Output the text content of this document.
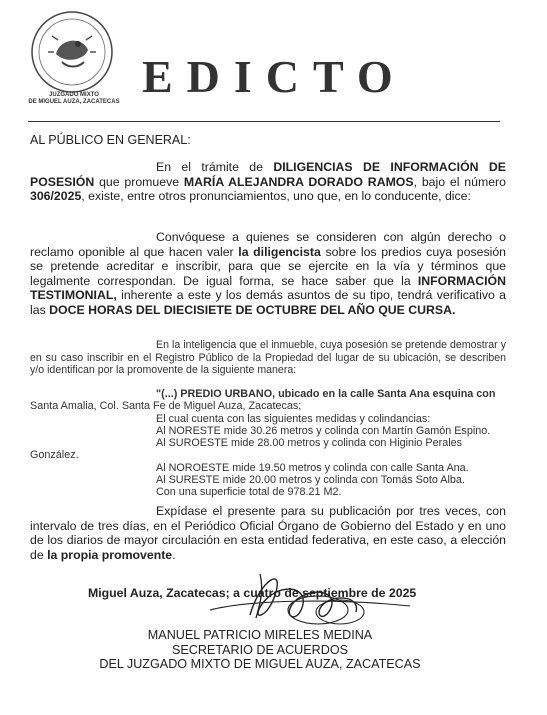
JUZGADO MIXTO
DE MIGUEL AUZA, ZACATECAS EDICTO
AL PÚBLICO EN GENERAL:
En el trámite de DILIGENCIAS DE INFORMACIÓN DE POSESIÓN que promueve MARÍA ALEJANDRA DORADO RAMOS, bajo el número 306/2025, existe, entre otros pronunciamientos, uno que, en lo conducente, dice:
Convóquese a quienes se consideren con algún derecho o reclamo oponible al que hacen valer la diligencista sobre los predios cuya posesión se pretende acreditar e inscribir, para que se ejercite en la vía y términos que legalmente correspondan. De igual forma, se hace saber que la INFORMACIÓN TESTIMONIAL, inherente a este y los demás asuntos de su tipo, tendrá verificativo a las DOCE HORAS DEL DIECISIETE DE OCTUBRE DEL AÑO QUE CURSA.
En la inteligencia que el inmueble, cuya posesión se pretende demostrar y en su caso inscribir en el Registro Público de la Propiedad del lugar de su ubicación, se describen y/o identifican por la promovente de la siguiente manera:
"(...) PREDIO URBANO, ubicado en la calle Santa Ana esquina con
Santa Amalia, Col. Santa Fe de Miguel Auza, Zacatecas;
El cual cuenta con las siguientes medidas y colindancias:
Al NORESTE mide 30.26 metros y colinda con Martín Gamón Espino.
Al SUROESTE mide 28.00 metros y colinda con Higinio Perales
González.
Al NOROESTE mide 19.50 metros y colinda con calle Santa Ana.
Al SURESTE mide 20.00 metros y colinda con Tomás Soto Alba.
Con una superficie total de 978.21 M2.
Expídase el presente para su publicación por tres veces, con intervalo de tres días, en el Periódico Oficial Órgano de Gobierno del Estado y en uno de los diarios de mayor circulación en esta entidad federativa, en este caso, a elección de la propia promovente.
Miguel Auza, Zacatecas; a cuatro de septiembre de 2025
MANUEL PATRICIO MIRELES MEDINA
SECRETARIO DE ACUERDOS
DEL JUZGADO MIXTO DE MIGUEL AUZA, ZACATECAS
